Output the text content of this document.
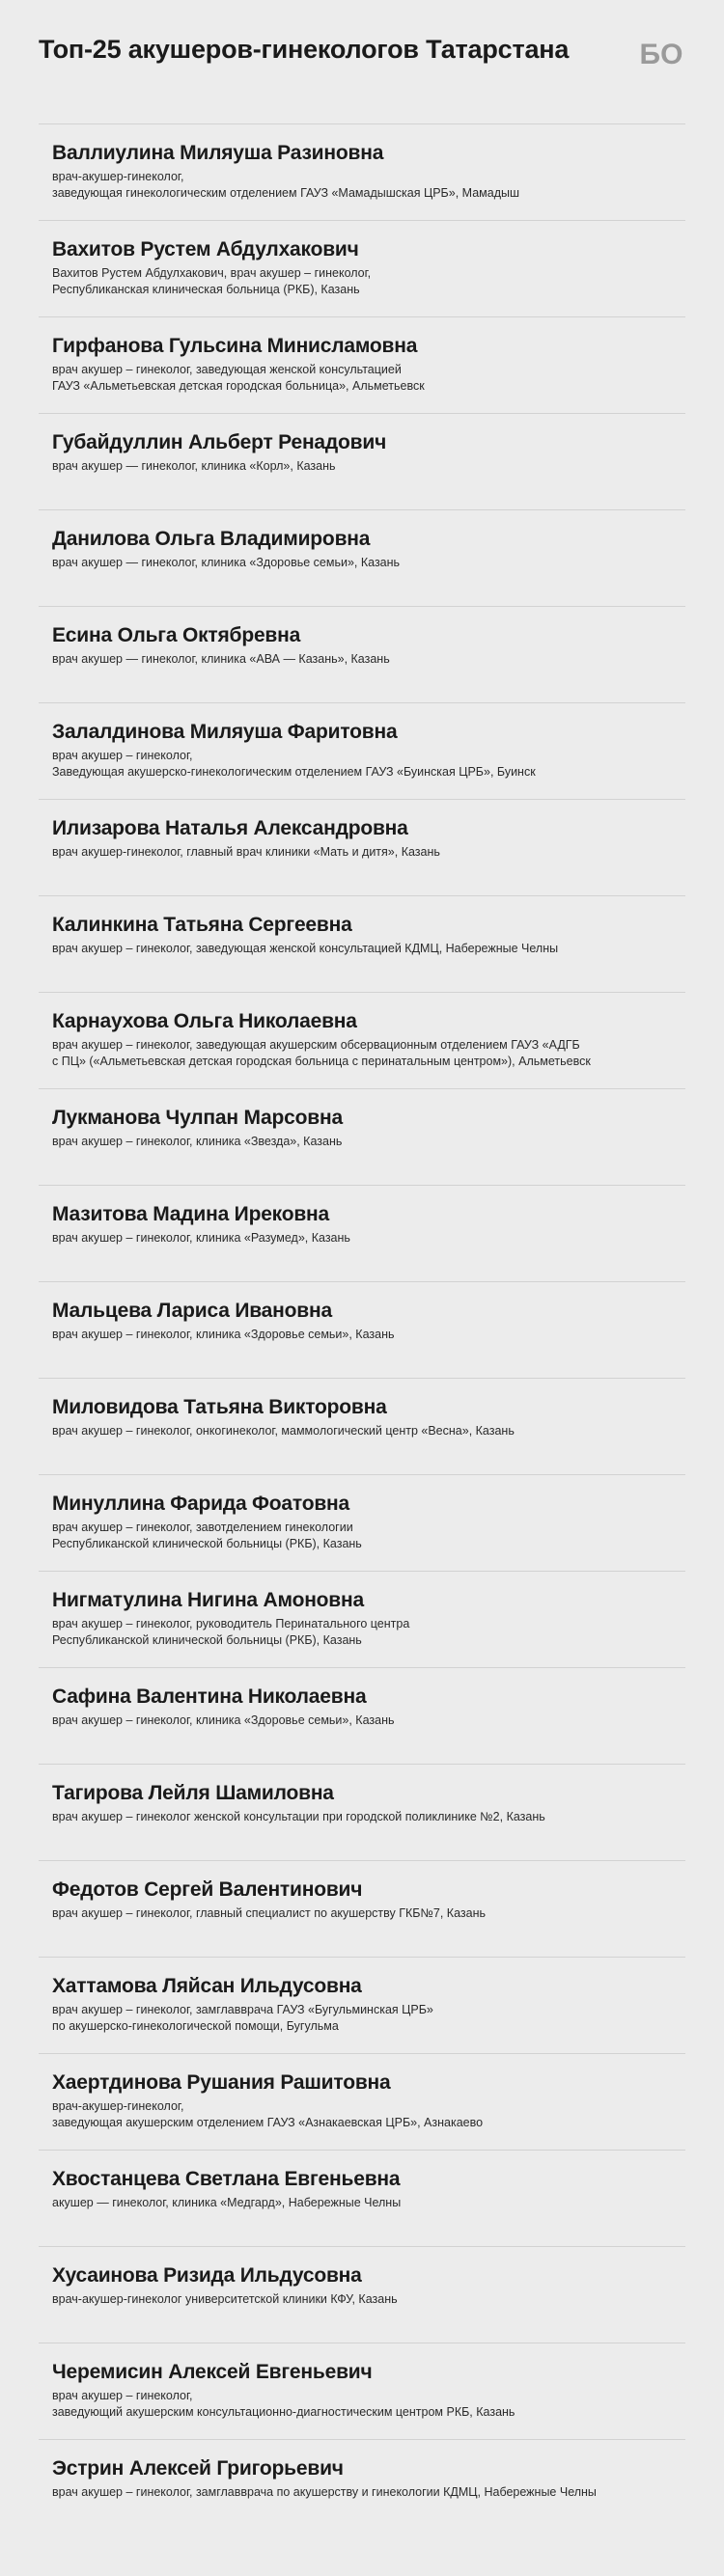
Топ-25 акушеров-гинекологов Татарстана	БО
Валлиулина Миляуша Разиновна
врач-акушер-гинеколог,
заведующая гинекологическим отделением ГАУЗ «Мамадышская ЦРБ», Мамадыш
Вахитов Рустем Абдулхакович
Вахитов Рустем Абдулхакович, врач акушер – гинеколог,
Республиканская клиническая больница (РКБ), Казань
Гирфанова Гульсина Минисламовна
врач акушер – гинеколог, заведующая женской консультацией
ГАУЗ «Альметьевская детская городская больница», Альметьевск
Губайдуллин Альберт Ренадович
врач акушер — гинеколог, клиника «Корл», Казань
Данилова Ольга Владимировна
врач акушер — гинеколог, клиника «Здоровье семьи», Казань
Есина Ольга Октябревна
врач акушер — гинеколог, клиника «АВА — Казань», Казань
Залалдинова Миляуша Фаритовна
врач акушер – гинеколог,
Заведующая акушерско-гинекологическим отделением ГАУЗ «Буинская ЦРБ», Буинск
Илизарова Наталья Александровна
врач акушер-гинеколог, главный врач клиники «Мать и дитя», Казань
Калинкина Татьяна Сергеевна
врач акушер – гинеколог, заведующая женской консультацией КДМЦ, Набережные Челны
Карнаухова Ольга Николаевна
врач акушер – гинеколог, заведующая акушерским обсервационным отделением ГАУЗ «АДГБ
с ПЦ» («Альметьевская детская городская больница с перинатальным центром»), Альметьевск
Лукманова Чулпан Марсовна
врач акушер – гинеколог, клиника «Звезда», Казань
Мазитова Мадина Ирековна
врач акушер – гинеколог, клиника «Разумед», Казань
Мальцева Лариса Ивановна
врач акушер – гинеколог, клиника «Здоровье семьи», Казань
Миловидова Татьяна Викторовна
врач акушер – гинеколог, онкогинеколог, маммологический центр «Весна», Казань
Минуллина Фарида Фоатовна
врач акушер – гинеколог, завотделением гинекологии
Республиканской клинической больницы (РКБ), Казань
Нигматулина Нигина Амоновна
врач акушер – гинеколог, руководитель Перинатального центра
Республиканской клинической больницы (РКБ), Казань
Сафина Валентина Николаевна
врач акушер – гинеколог, клиника «Здоровье семьи», Казань
Тагирова Лейля Шамиловна
врач акушер – гинеколог женской консультации при городской поликлинике №2, Казань
Федотов Сергей Валентинович
врач акушер – гинеколог, главный специалист по акушерству ГКБ№7, Казань
Хаттамова Ляйсан Ильдусовна
врач акушер – гинеколог, замглавврача ГАУЗ «Бугульминская ЦРБ»
по акушерско-гинекологической помощи, Бугульма
Хаертдинова Рушания Рашитовна
врач-акушер-гинеколог,
заведующая акушерским отделением ГАУЗ «Азнакаевская ЦРБ», Азнакаево
Хвостанцева Светлана Евгеньевна
акушер — гинеколог, клиника «Медгард», Набережные Челны
Хусаинова Ризида Ильдусовна
врач-акушер-гинеколог университетской клиники КФУ, Казань
Черемисин Алексей Евгеньевич
врач акушер – гинеколог,
заведующий акушерским консультационно-диагностическим центром РКБ, Казань
Эстрин Алексей Григорьевич
врач акушер – гинеколог, замглавврача по акушерству и гинекологии КДМЦ, Набережные Челны
